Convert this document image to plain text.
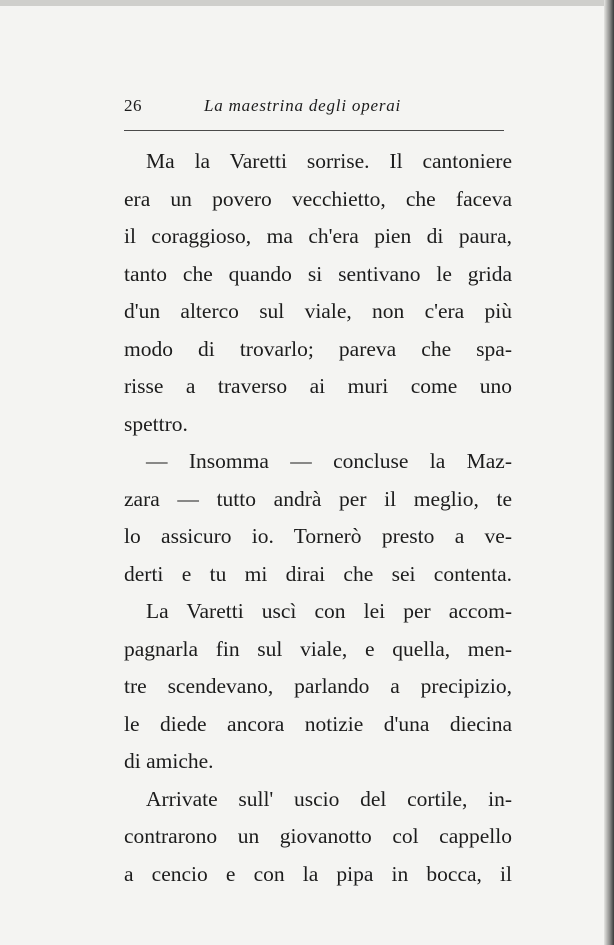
26	La maestrina degli operai
Ma la Varetti sorrise. Il cantoniere
era un povero vecchietto, che faceva
il coraggioso, ma ch'era pien di paura,
tanto che quando si sentivano le grida
d'un alterco sul viale, non c'era più
modo di trovarlo; pareva che spa-
risse a traverso ai muri come uno
spettro.
— Insomma — concluse la Maz-
zara — tutto andrà per il meglio, te
lo assicuro io. Tornerò presto a ve-
derti e tu mi dirai che sei contenta.
La Varetti uscì con lei per accom-
pagnarla fin sul viale, e quella, men-
tre scendevano, parlando a precipizio,
le diede ancora notizie d'una diecina
di amiche.
Arrivate sull' uscio del cortile, in-
contrarono un giovanotto col cappello
a cencio e con la pipa in bocca, il
